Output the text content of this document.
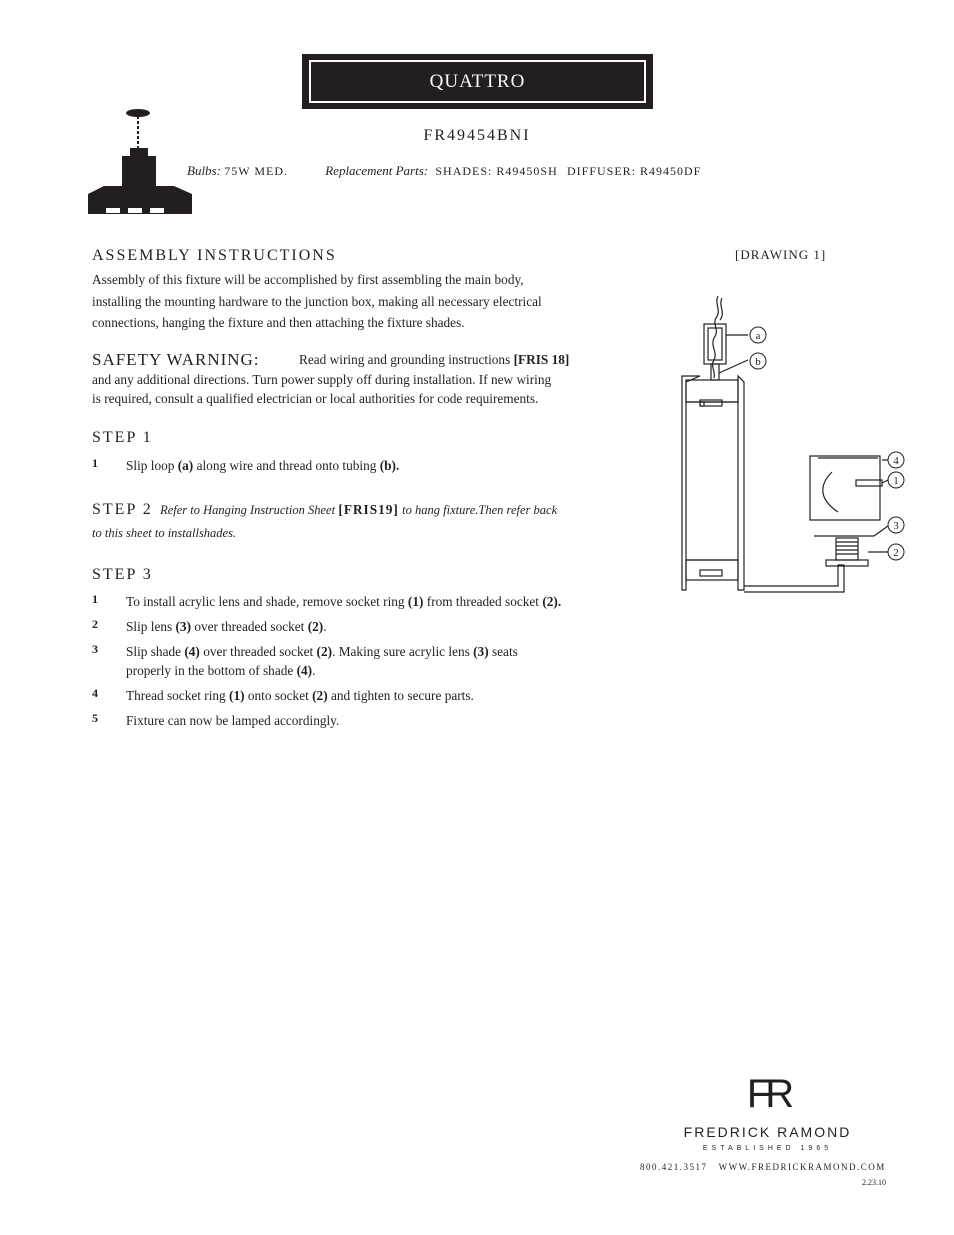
QUATTRO
FR49454BNI
Bulbs: 75W MED.	Replacement Parts: SHADES: R49450SH DIFFUSER: R49450DF
ASSEMBLY INSTRUCTIONS
Assembly of this fixture will be accomplished by first assembling the main body,
installing the mounting hardware to the junction box, making all necessary electrical
connections, hanging the fixture and then attaching the fixture shades.
[DRAWING 1]
SAFETY WARNING:	Read wiring and grounding instructions [FRIS 18]
and any additional directions. Turn power supply off during installation. If new wiring
is required, consult a qualified electrician or local authorities for code requirements.
STEP 1
1 Slip loop (a) along wire and thread onto tubing (b).
STEP 2 Refer to Hanging Instruction Sheet [FRIS19] to hang fixture.Then refer back
to this sheet to installshades.
STEP 3
1 To install acrylic lens and shade, remove socket ring (1) from threaded socket (2).
2 Slip lens (3) over threaded socket (2).
3 Slip shade (4) over threaded socket (2). Making sure acrylic lens (3) seats
properly in the bottom of shade (4).
4 Thread socket ring (1) onto socket (2) and tighten to secure parts.
5 Fixture can now be lamped accordingly.
a
b
4
1
3
2
FR
FREDRICK RAMOND
ESTABLISHED 1965
800.421.3517   WWW.FREDRICKRAMOND.COM
2.23.10
